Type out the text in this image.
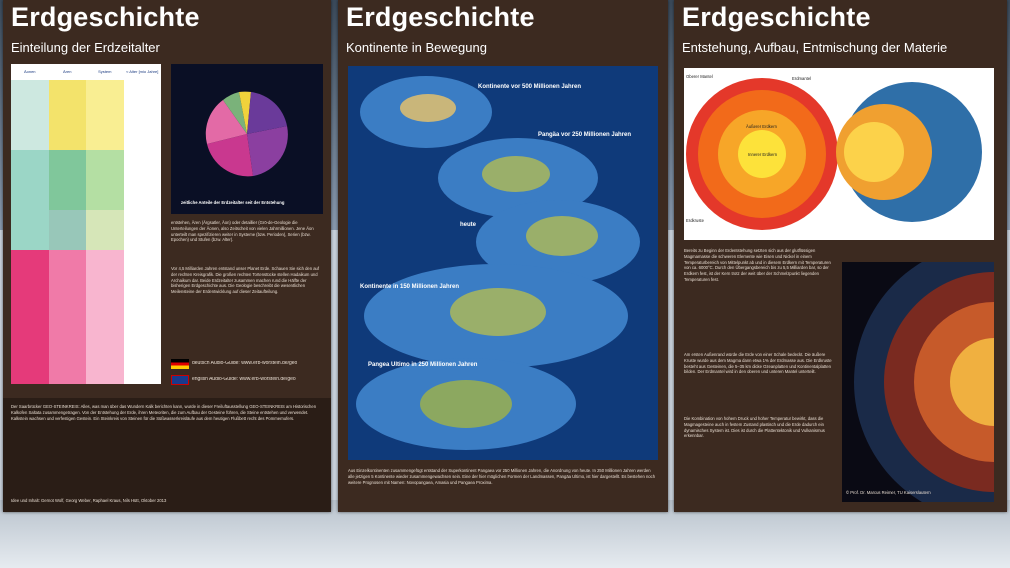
Erdgeschichte
Einteilung der Erdzeitalter
Äonen	Ären	System	≈ Alter [mio Jahre]
zeitliche Anteile der Erdzeitalter seit der Entstehung
entstehen, Ären (Ärgsatler, Äon) oder detaillier (Grö-de-Geologie die Unterteilungen der Äonen, also Zeitscheit von vielen Jahrmillionen. Jene Äon unterteilt man spezifizieren weiter in Systeme (bzw. Perioden), Serien (bzw. Epochen) und Stufen (bzw. Alter).
Vor 4,5 Milliarden Jahren entstand unser Planet Erde. Schauen Sie sich den auf der rechten Kreisgrafik. Die großen rechten Tortenstücke stellen Hadaikum und Archaikum dar. Beide Erdzeitalter zusammen machen rund die Hälfte der bisherigen Erdgeschichte aus. Die Geologie beschreibt die wesentlichen Meilensteine der Erdentwicklung auf dieser Zeitaufteilung.
deutsch Audio-Guide: www.erb-worstein.de/geo
english Audio-Guide: www.erb-worstein.de/geo
Der Saarbrücker GEO-STEINKREIS: Alles, was man über das Wundern Kalk berichten kann, wurde in dieser Freiluftausstellung GEO-STEINKREIS am Historischen Kalkofen Saltata zusammengetragen. Von der Entstehung der Erde, ihren Meteoriten, die zum Aufbau der Gesteine führen, die Steine entstehen und verwendet. Kalkstein wachsen und verfestigen Gestein. Ein Steinkreis von Steinen für die Süßwasserkreisläufe aus dem heutigen Flußbett recht des Pommernufers.
Idee und Inhalt: Gernot Wolf, Georg Weber, Raphael Kraus, Nils Hütt, Oktober 2013
Erdgeschichte
Kontinente in Bewegung
Kontinente vor 500 Millionen Jahren
Pangäa vor 250 Millionen Jahren
heute
Kontinente in 150 Millionen Jahren
Pangea Ultimo in 250 Millionen Jahren
Aus Einzelkontinenten zusammengefügt entstand der Superkontinent Pangaea vor 250 Millionen Jahren, die Anordnung von heute. In 250 Millionen Jahren werden alle jetzigen 5 Kontinente wieder zusammengewachsen sein. Eine der hier möglichen Formen der Landmassen, Pangäa Ultimo, ist hier dargestellt. Es bestehen noch weitere Prognosen mit Namen: Novopangaea, Amasia und Pangaea Proxima.
Erdgeschichte
Entstehung, Aufbau, Entmischung der Materie
Oberer Mantel	Erdmantel
Äußerer Erdkern
Innerer Erdkern
Erdkruste
Bereits zu Beginn der Erdentstehung setzten sich aus der glutflüssigen Magmamasse die schweren Elemente wie Eisen und Nickel in einem Temperaturbereich von Mittelpunkt ab und in diesem Erdkern mit Temperaturen von ca. 6000°C. Durch den Übergangsbereich bis zu 5,5 Milliarden bar, so der Erdkern fest, ist der Kern trotz der weit über der Schmelzpunkt liegenden Temperaturen fest.
Am ersten Außenrand würde die Erde von einer Schale bedeckt. Die äußere Kruste wurde aus dem Magma dann etwa 1% der Erdmasse aus. Die Erdkruste besteht aus Gesteinen, die 5–35 km dicke Ozeanplatten und Kontinentalplatten bilden. Der Erdmantel wird in den oberen und unteren Mantel unterteilt.
Die Kombination von hohem Druck und hoher Temperatur bewirkt, dass die Magmagesteine auch in festem Zustand plastisch und die Erde dadurch ein dynamisches System ist. Dies ist durch die Plattentektonik und Vulkanismus erkennbar.
© Prof. Dr. Marcus Reimer, TU Kaiserslautern
